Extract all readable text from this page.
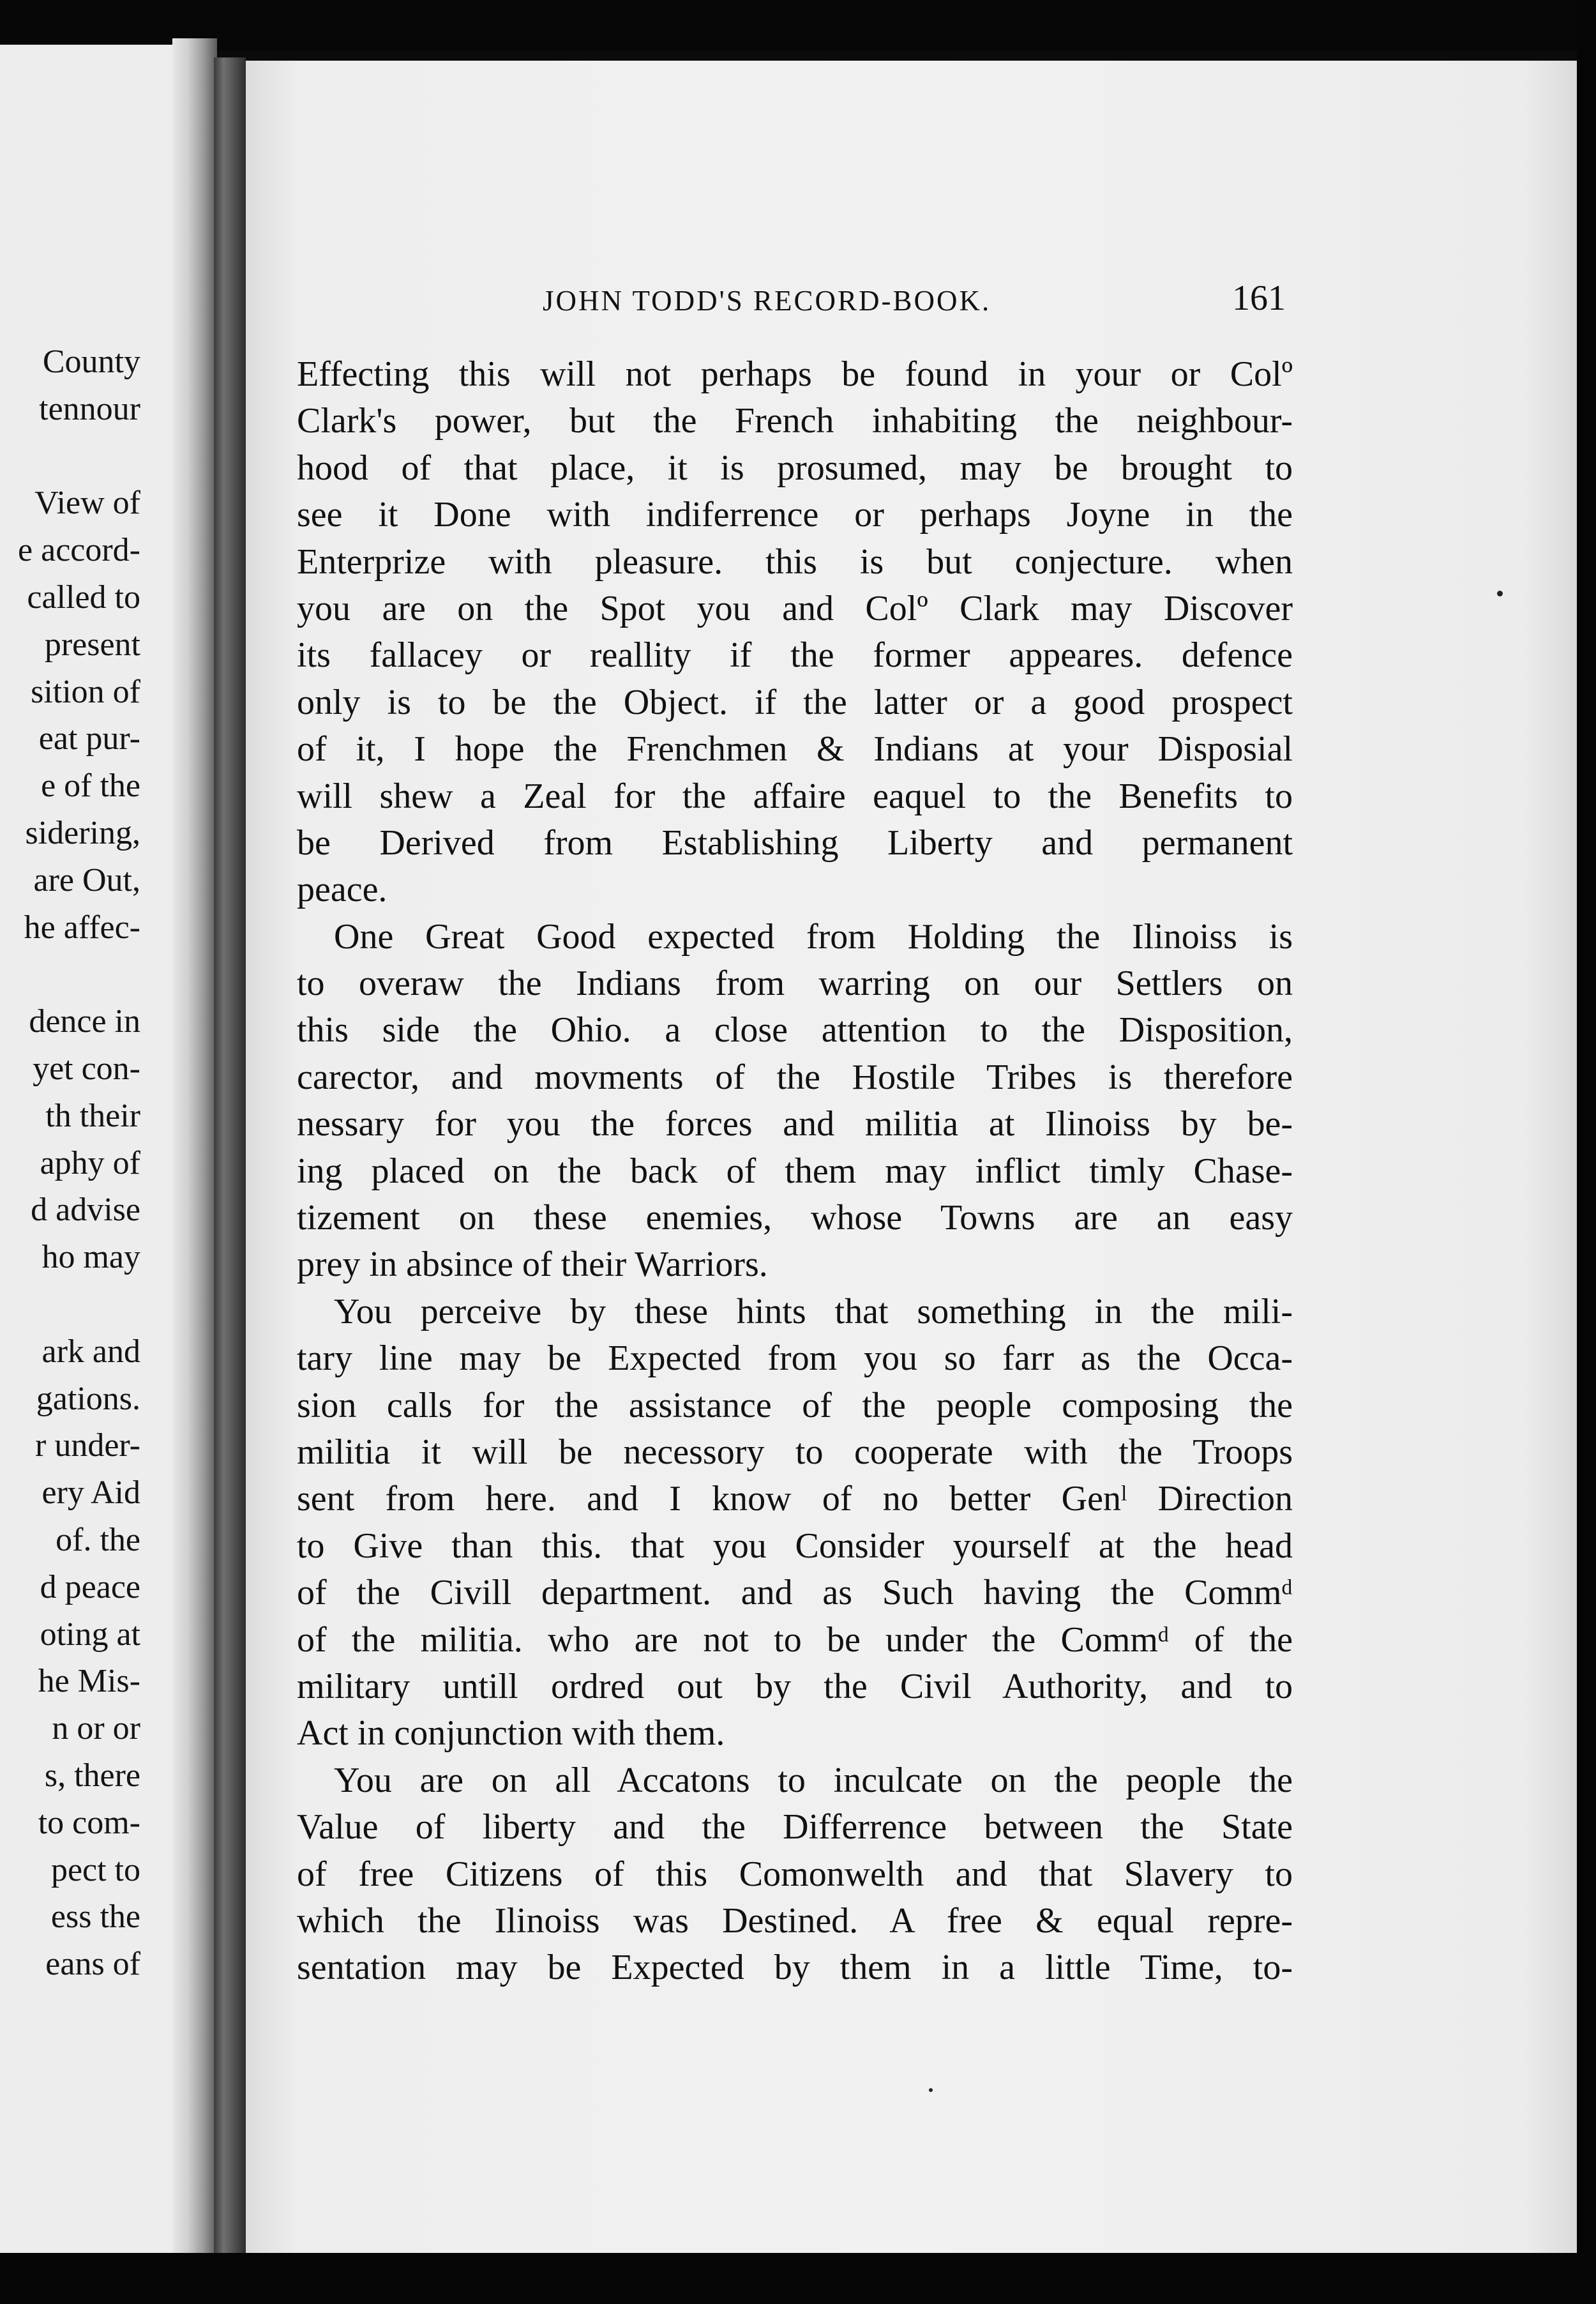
County
tennour
View of
e accord-
called to
present
sition of
eat pur-
e of the
sidering,
are Out,
he affec-
dence in
yet con-
th their
aphy of
d advise
ho may
ark and
gations.
r under-
ery Aid
of. the
d peace
oting at
he Mis-
n or or
s, there
to com-
pect to
ess the
eans of
JOHN TODD'S RECORD-BOOK.	161
Effecting this will not perhaps be found in your or Colº
Clark's power, but the French inhabiting the neighbour-
hood of that place, it is prosumed, may be brought to
see it Done with indiferrence or perhaps Joyne in the
Enterprize with pleasure. this is but conjecture. when
you are on the Spot you and Colº Clark may Discover
its fallacey or reallity if the former appeares. defence
only is to be the Object. if the latter or a good prospect
of it, I hope the Frenchmen & Indians at your Disposial
will shew a Zeal for the affaire eaquel to the Benefits to
be Derived from Establishing Liberty and permanent
peace.
One Great Good expected from Holding the Ilinoiss is
to overaw the Indians from warring on our Settlers on
this side the Ohio. a close attention to the Disposition,
carector, and movments of the Hostile Tribes is therefore
nessary for you the forces and militia at Ilinoiss by be-
ing placed on the back of them may inflict timly Chase-
tizement on these enemies, whose Towns are an easy
prey in absince of their Warriors.
You perceive by these hints that something in the mili-
tary line may be Expected from you so farr as the Occa-
sion calls for the assistance of the people composing the
militia it will be necessory to cooperate with the Troops
sent from here. and I know of no better Genˡ Direction
to Give than this. that you Consider yourself at the head
of the Civill department. and as Such having the Commᵈ
of the militia. who are not to be under the Commᵈ of the
military untill ordred out by the Civil Authority, and to
Act in conjunction with them.
You are on all Accatons to inculcate on the people the
Value of liberty and the Differrence between the State
of free Citizens of this Comonwelth and that Slavery to
which the Ilinoiss was Destined. A free & equal repre-
sentation may be Expected by them in a little Time, to-
